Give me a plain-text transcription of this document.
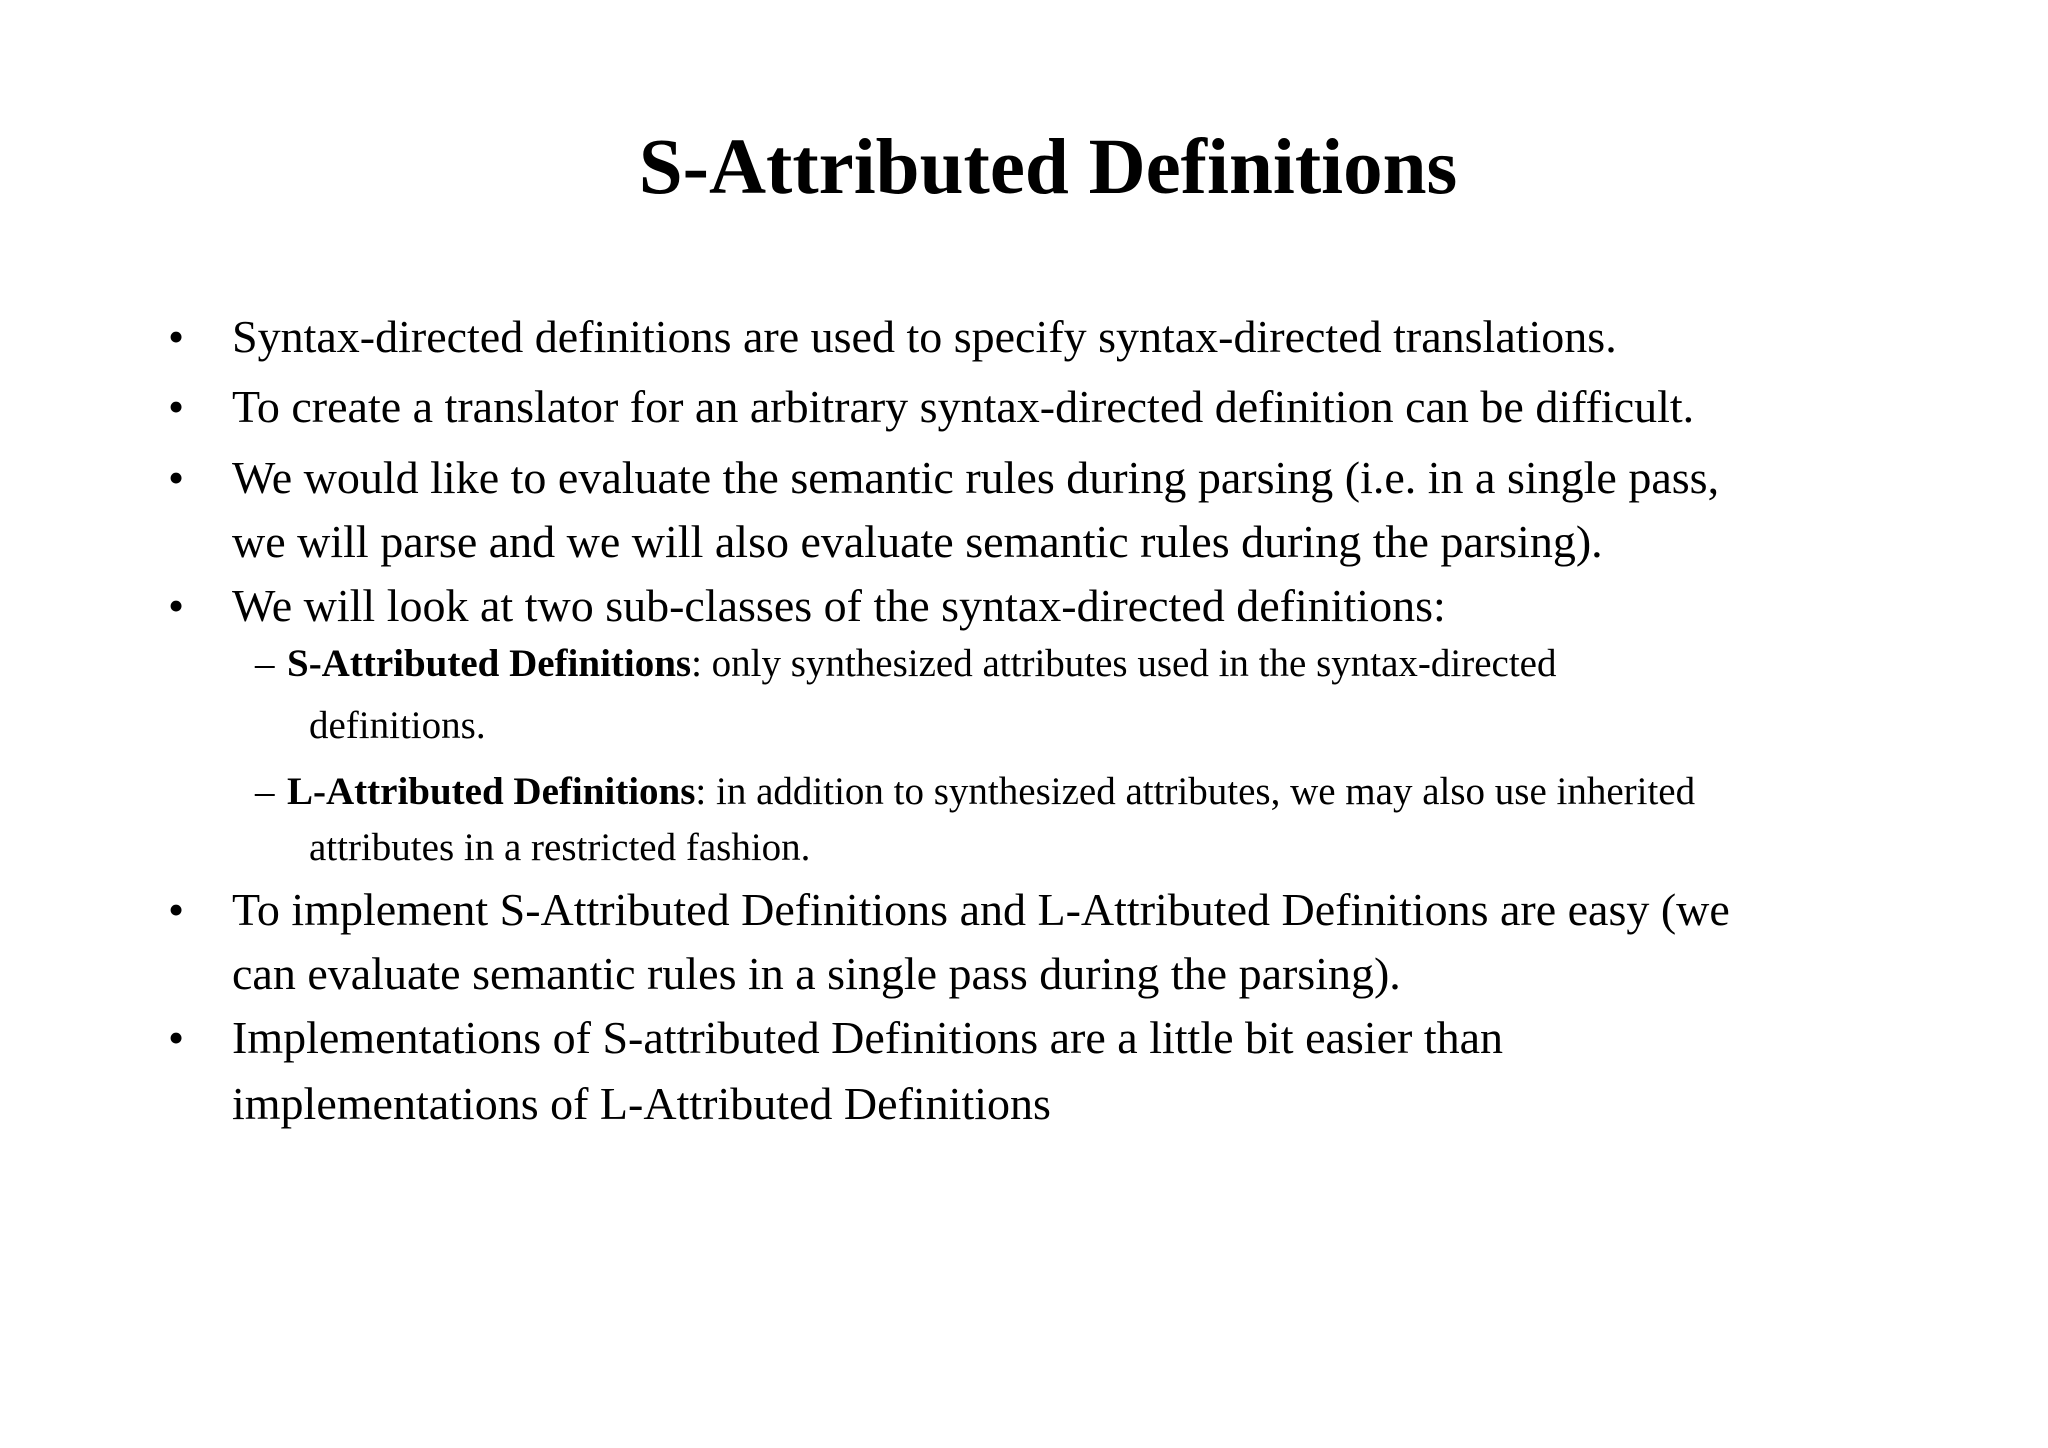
S-Attributed Definitions
•	Syntax-directed definitions are used to specify syntax-directed translations.
•	To create a translator for an arbitrary syntax-directed definition can be difficult.
•	We would like to evaluate the semantic rules during parsing (i.e. in a single pass,
we will parse and we will also evaluate semantic rules during the parsing).
•	We will look at two sub-classes of the syntax-directed definitions:
– S-Attributed Definitions: only synthesized attributes used in the syntax-directed
definitions.
– L-Attributed Definitions: in addition to synthesized attributes, we may also use inherited
attributes in a restricted fashion.
•	To implement S-Attributed Definitions and L-Attributed Definitions are easy (we
can evaluate semantic rules in a single pass during the parsing).
•	Implementations of S-attributed Definitions are a little bit easier than
implementations of L-Attributed Definitions
